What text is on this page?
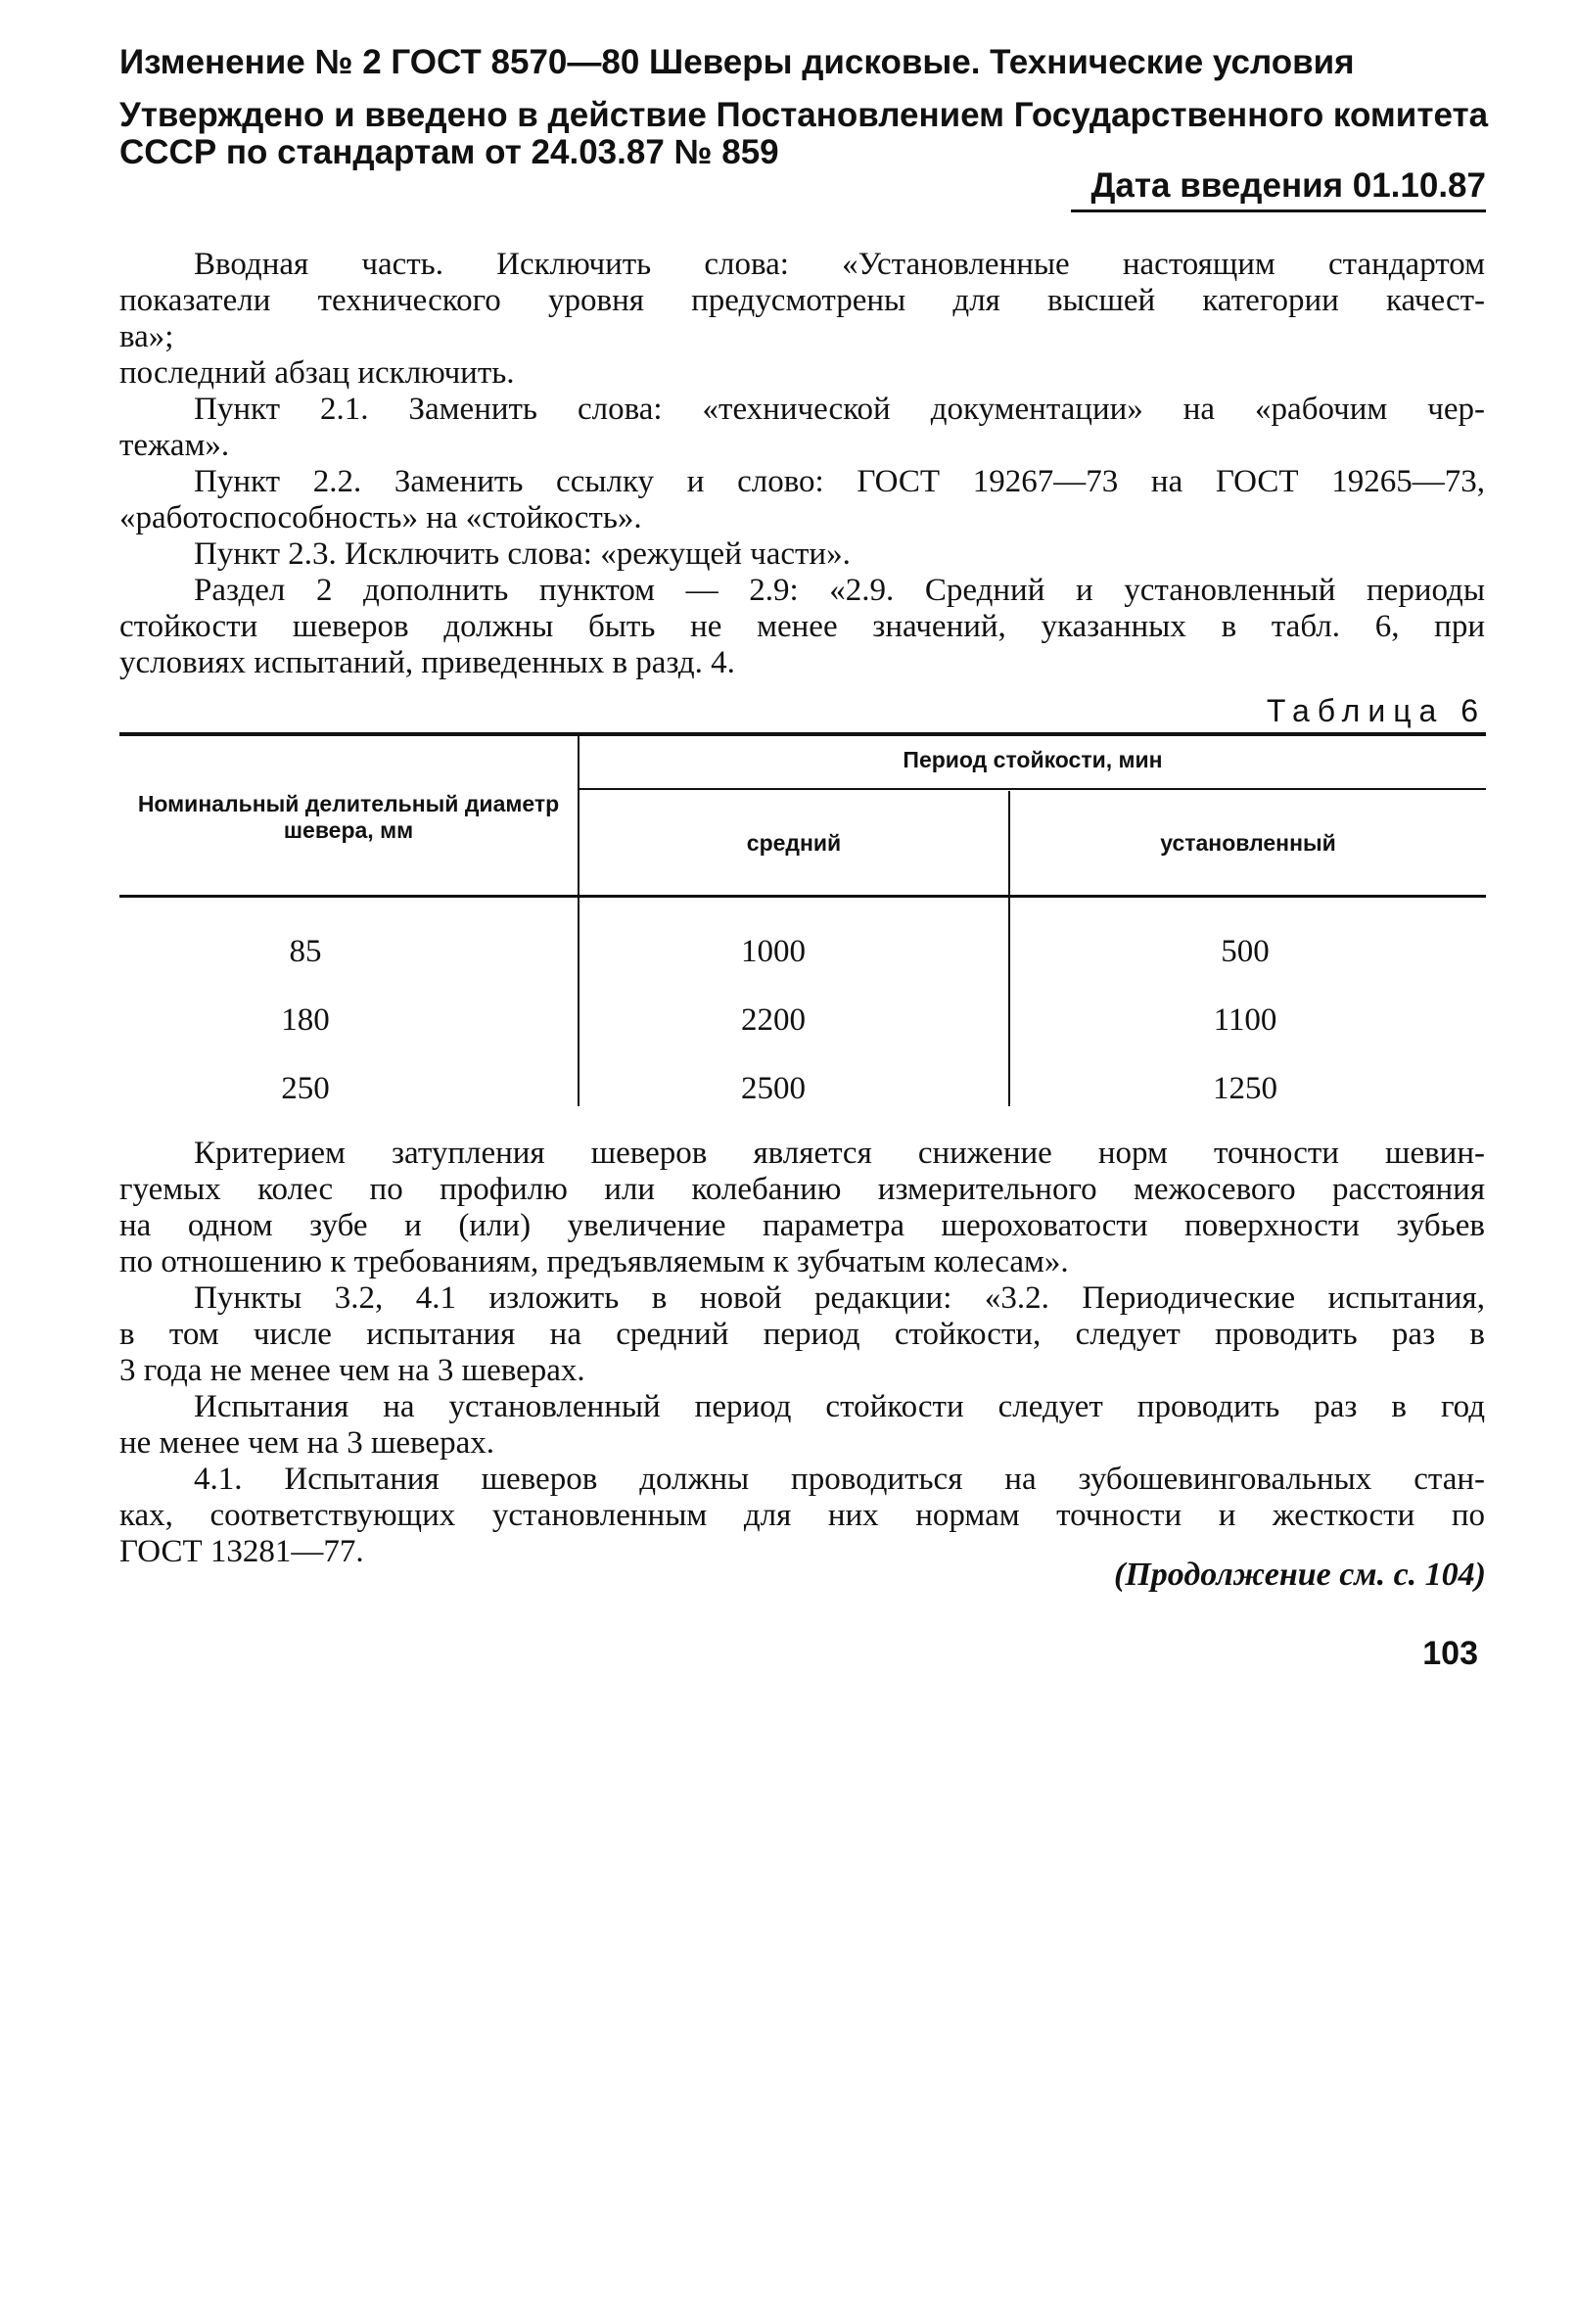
Изменение № 2 ГОСТ 8570—80 Шеверы дисковые. Технические условия
Утверждено и введено в действие Постановлением Государственного комитета
СССР по стандартам от 24.03.87 № 859
Дата введения 01.10.87
Вводная часть. Исключить слова: «Установленные настоящим стандартом
показатели технического уровня предусмотрены для высшей категории качест-
ва»;
последний абзац исключить.
Пункт 2.1. Заменить слова: «технической документации» на «рабочим чер-
тежам».
Пункт 2.2. Заменить ссылку и слово: ГОСТ 19267—73 на ГОСТ 19265—73,
«работоспособность» на «стойкость».
Пункт 2.3. Исключить слова: «режущей части».
Раздел 2 дополнить пунктом — 2.9: «2.9. Средний и установленный периоды
стойкости шеверов должны быть не менее значений, указанных в табл. 6, при
условиях испытаний, приведенных в разд. 4.
Таблица 6
Номинальный делительный диаметр шевера, мм
Период стойкости, мин
средний	установленный
85	1000	500
180	2200	1100
250	2500	1250
Критерием затупления шеверов является снижение норм точности шевин-
гуемых колес по профилю или колебанию измерительного межосевого расстояния
на одном зубе и (или) увеличение параметра шероховатости поверхности зубьев
по отношению к требованиям, предъявляемым к зубчатым колесам».
Пункты 3.2, 4.1 изложить в новой редакции: «3.2. Периодические испытания,
в том числе испытания на средний период стойкости, следует проводить раз в
3 года не менее чем на 3 шеверах.
Испытания на установленный период стойкости следует проводить раз в год
не менее чем на 3 шеверах.
4.1. Испытания шеверов должны проводиться на зубошевинговальных стан-
ках, соответствующих установленным для них нормам точности и жесткости по
ГОСТ 13281—77.
(Продолжение см. с. 104)
103
